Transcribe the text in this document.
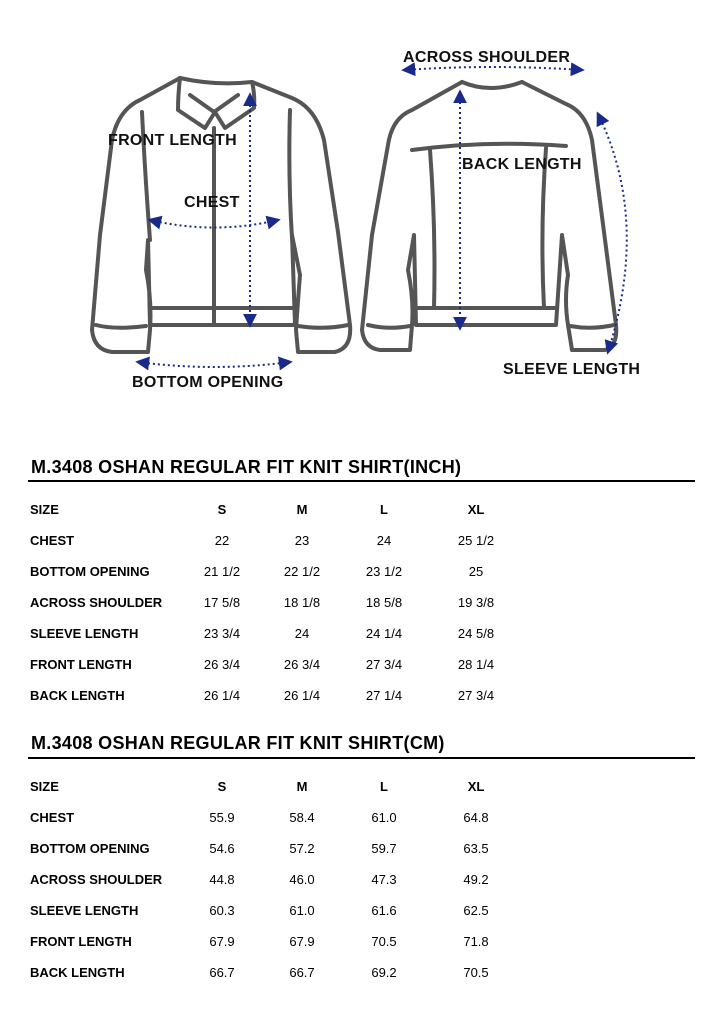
FRONT LENGTH
CHEST
BOTTOM OPENING
ACROSS SHOULDER
BACK LENGTH
SLEEVE LENGTH
M.3408 OSHAN REGULAR FIT KNIT SHIRT(INCH)
SIZE	S	M	L	XL
CHEST	22	23	24	25 1/2
BOTTOM OPENING	21 1/2	22 1/2	23 1/2	25
ACROSS SHOULDER	17 5/8	18 1/8	18 5/8	19 3/8
SLEEVE LENGTH	23 3/4	24	24 1/4	24 5/8
FRONT LENGTH	26 3/4	26 3/4	27 3/4	28 1/4
BACK LENGTH	26 1/4	26 1/4	27 1/4	27 3/4
M.3408 OSHAN REGULAR FIT KNIT SHIRT(CM)
SIZE	S	M	L	XL
CHEST	55.9	58.4	61.0	64.8
BOTTOM OPENING	54.6	57.2	59.7	63.5
ACROSS SHOULDER	44.8	46.0	47.3	49.2
SLEEVE LENGTH	60.3	61.0	61.6	62.5
FRONT LENGTH	67.9	67.9	70.5	71.8
BACK LENGTH	66.7	66.7	69.2	70.5
